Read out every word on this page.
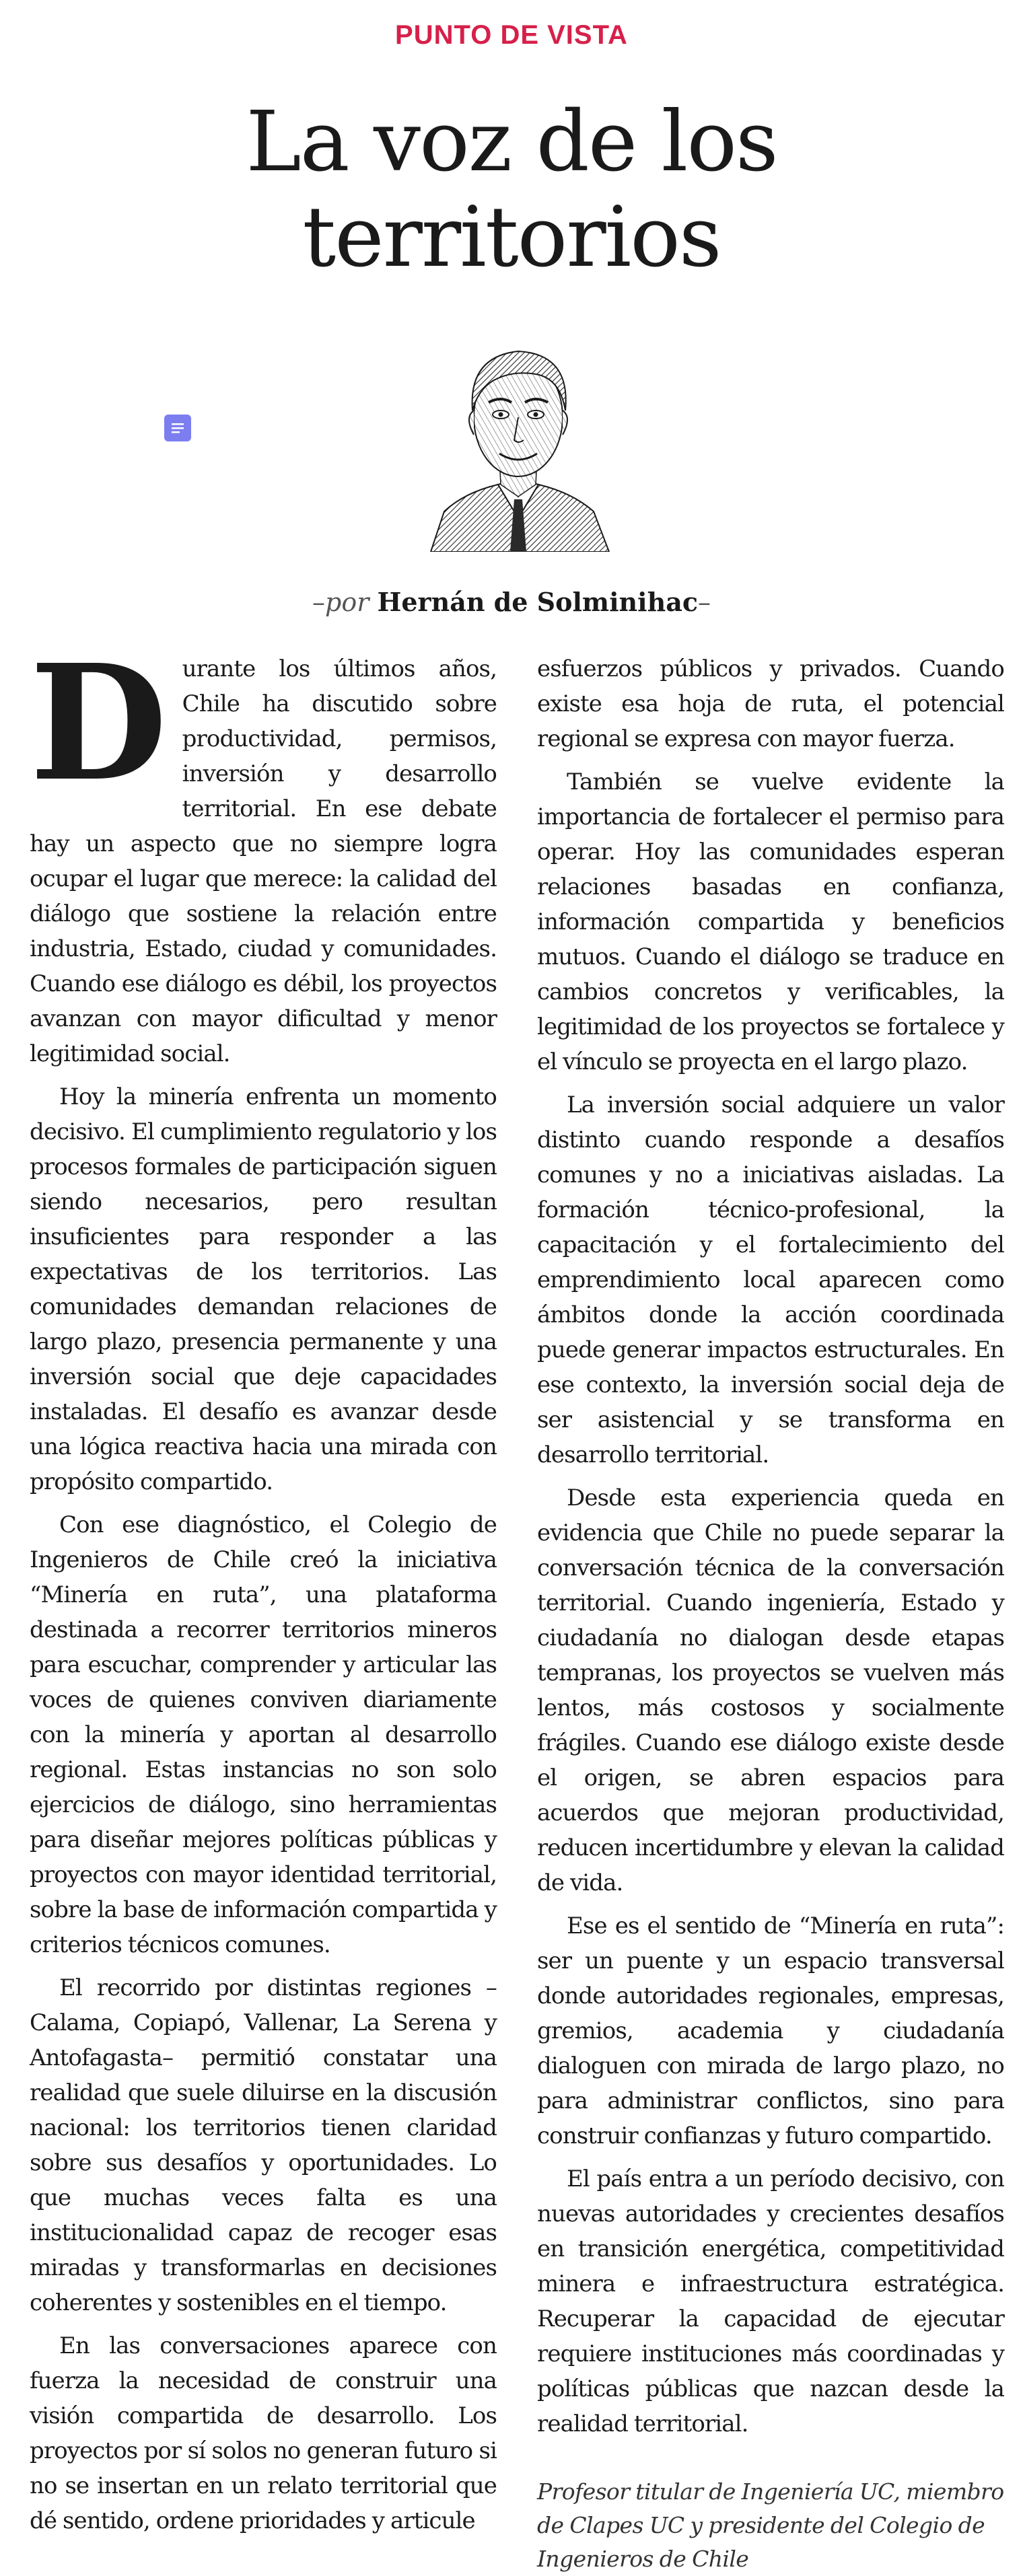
PUNTO DE VISTA
La voz de los
territorios
–por Hernán de Solminihac–

Durante los últimos años, Chile ha discutido sobre productividad, permisos, inversión y desarrollo territorial. En ese debate hay un aspecto que no siempre logra ocupar el lugar que merece: la calidad del diálogo que sostiene la relación entre industria, Estado, ciudad y comunidades. Cuando ese diálogo es débil, los proyectos avanzan con mayor dificultad y menor legitimidad social.

Hoy la minería enfrenta un momento decisivo. El cumplimiento regulatorio y los procesos formales de participación siguen siendo necesarios, pero resultan insuficientes para responder a las expectativas de los territorios. Las comunidades demandan relaciones de largo plazo, presencia permanente y una inversión social que deje capacidades instaladas. El desafío es avanzar desde una lógica reactiva hacia una mirada con propósito compartido.

Con ese diagnóstico, el Colegio de Ingenieros de Chile creó la iniciativa “Minería en ruta”, una plataforma destinada a recorrer territorios mineros para escuchar, comprender y articular las voces de quienes conviven diariamente con la minería y aportan al desarrollo regional. Estas instancias no son solo ejercicios de diálogo, sino herramientas para diseñar mejores políticas públicas y proyectos con mayor identidad territorial, sobre la base de información compartida y criterios técnicos comunes.

El recorrido por distintas regiones –Calama, Copiapó, Vallenar, La Serena y Antofagasta– permitió constatar una realidad que suele diluirse en la discusión nacional: los territorios tienen claridad sobre sus desafíos y oportunidades. Lo que muchas veces falta es una institucionalidad capaz de recoger esas miradas y transformarlas en decisiones coherentes y sostenibles en el tiempo.

En las conversaciones aparece con fuerza la necesidad de construir una visión compartida de desarrollo. Los proyectos por sí solos no generan futuro si no se insertan en un relato territorial que dé sentido, ordene prioridades y articule

esfuerzos públicos y privados. Cuando existe esa hoja de ruta, el potencial regional se expresa con mayor fuerza.

También se vuelve evidente la importancia de fortalecer el permiso para operar. Hoy las comunidades esperan relaciones basadas en confianza, información compartida y beneficios mutuos. Cuando el diálogo se traduce en cambios concretos y verificables, la legitimidad de los proyectos se fortalece y el vínculo se proyecta en el largo plazo.

La inversión social adquiere un valor distinto cuando responde a desafíos comunes y no a iniciativas aisladas. La formación técnico-profesional, la capacitación y el fortalecimiento del emprendimiento local aparecen como ámbitos donde la acción coordinada puede generar impactos estructurales. En ese contexto, la inversión social deja de ser asistencial y se transforma en desarrollo territorial.

Desde esta experiencia queda en evidencia que Chile no puede separar la conversación técnica de la conversación territorial. Cuando ingeniería, Estado y ciudadanía no dialogan desde etapas tempranas, los proyectos se vuelven más lentos, más costosos y socialmente frágiles. Cuando ese diálogo existe desde el origen, se abren espacios para acuerdos que mejoran productividad, reducen incertidumbre y elevan la calidad de vida.

Ese es el sentido de “Minería en ruta”: ser un puente y un espacio transversal donde autoridades regionales, empresas, gremios, academia y ciudadanía dialoguen con mirada de largo plazo, no para administrar conflictos, sino para construir confianzas y futuro compartido.

El país entra a un período decisivo, con nuevas autoridades y crecientes desafíos en transición energética, competitividad minera e infraestructura estratégica. Recuperar la capacidad de ejecutar requiere instituciones más coordinadas y políticas públicas que nazcan desde la realidad territorial.

Profesor titular de Ingeniería UC, miembro de Clapes UC y presidente del Colegio de Ingenieros de Chile
